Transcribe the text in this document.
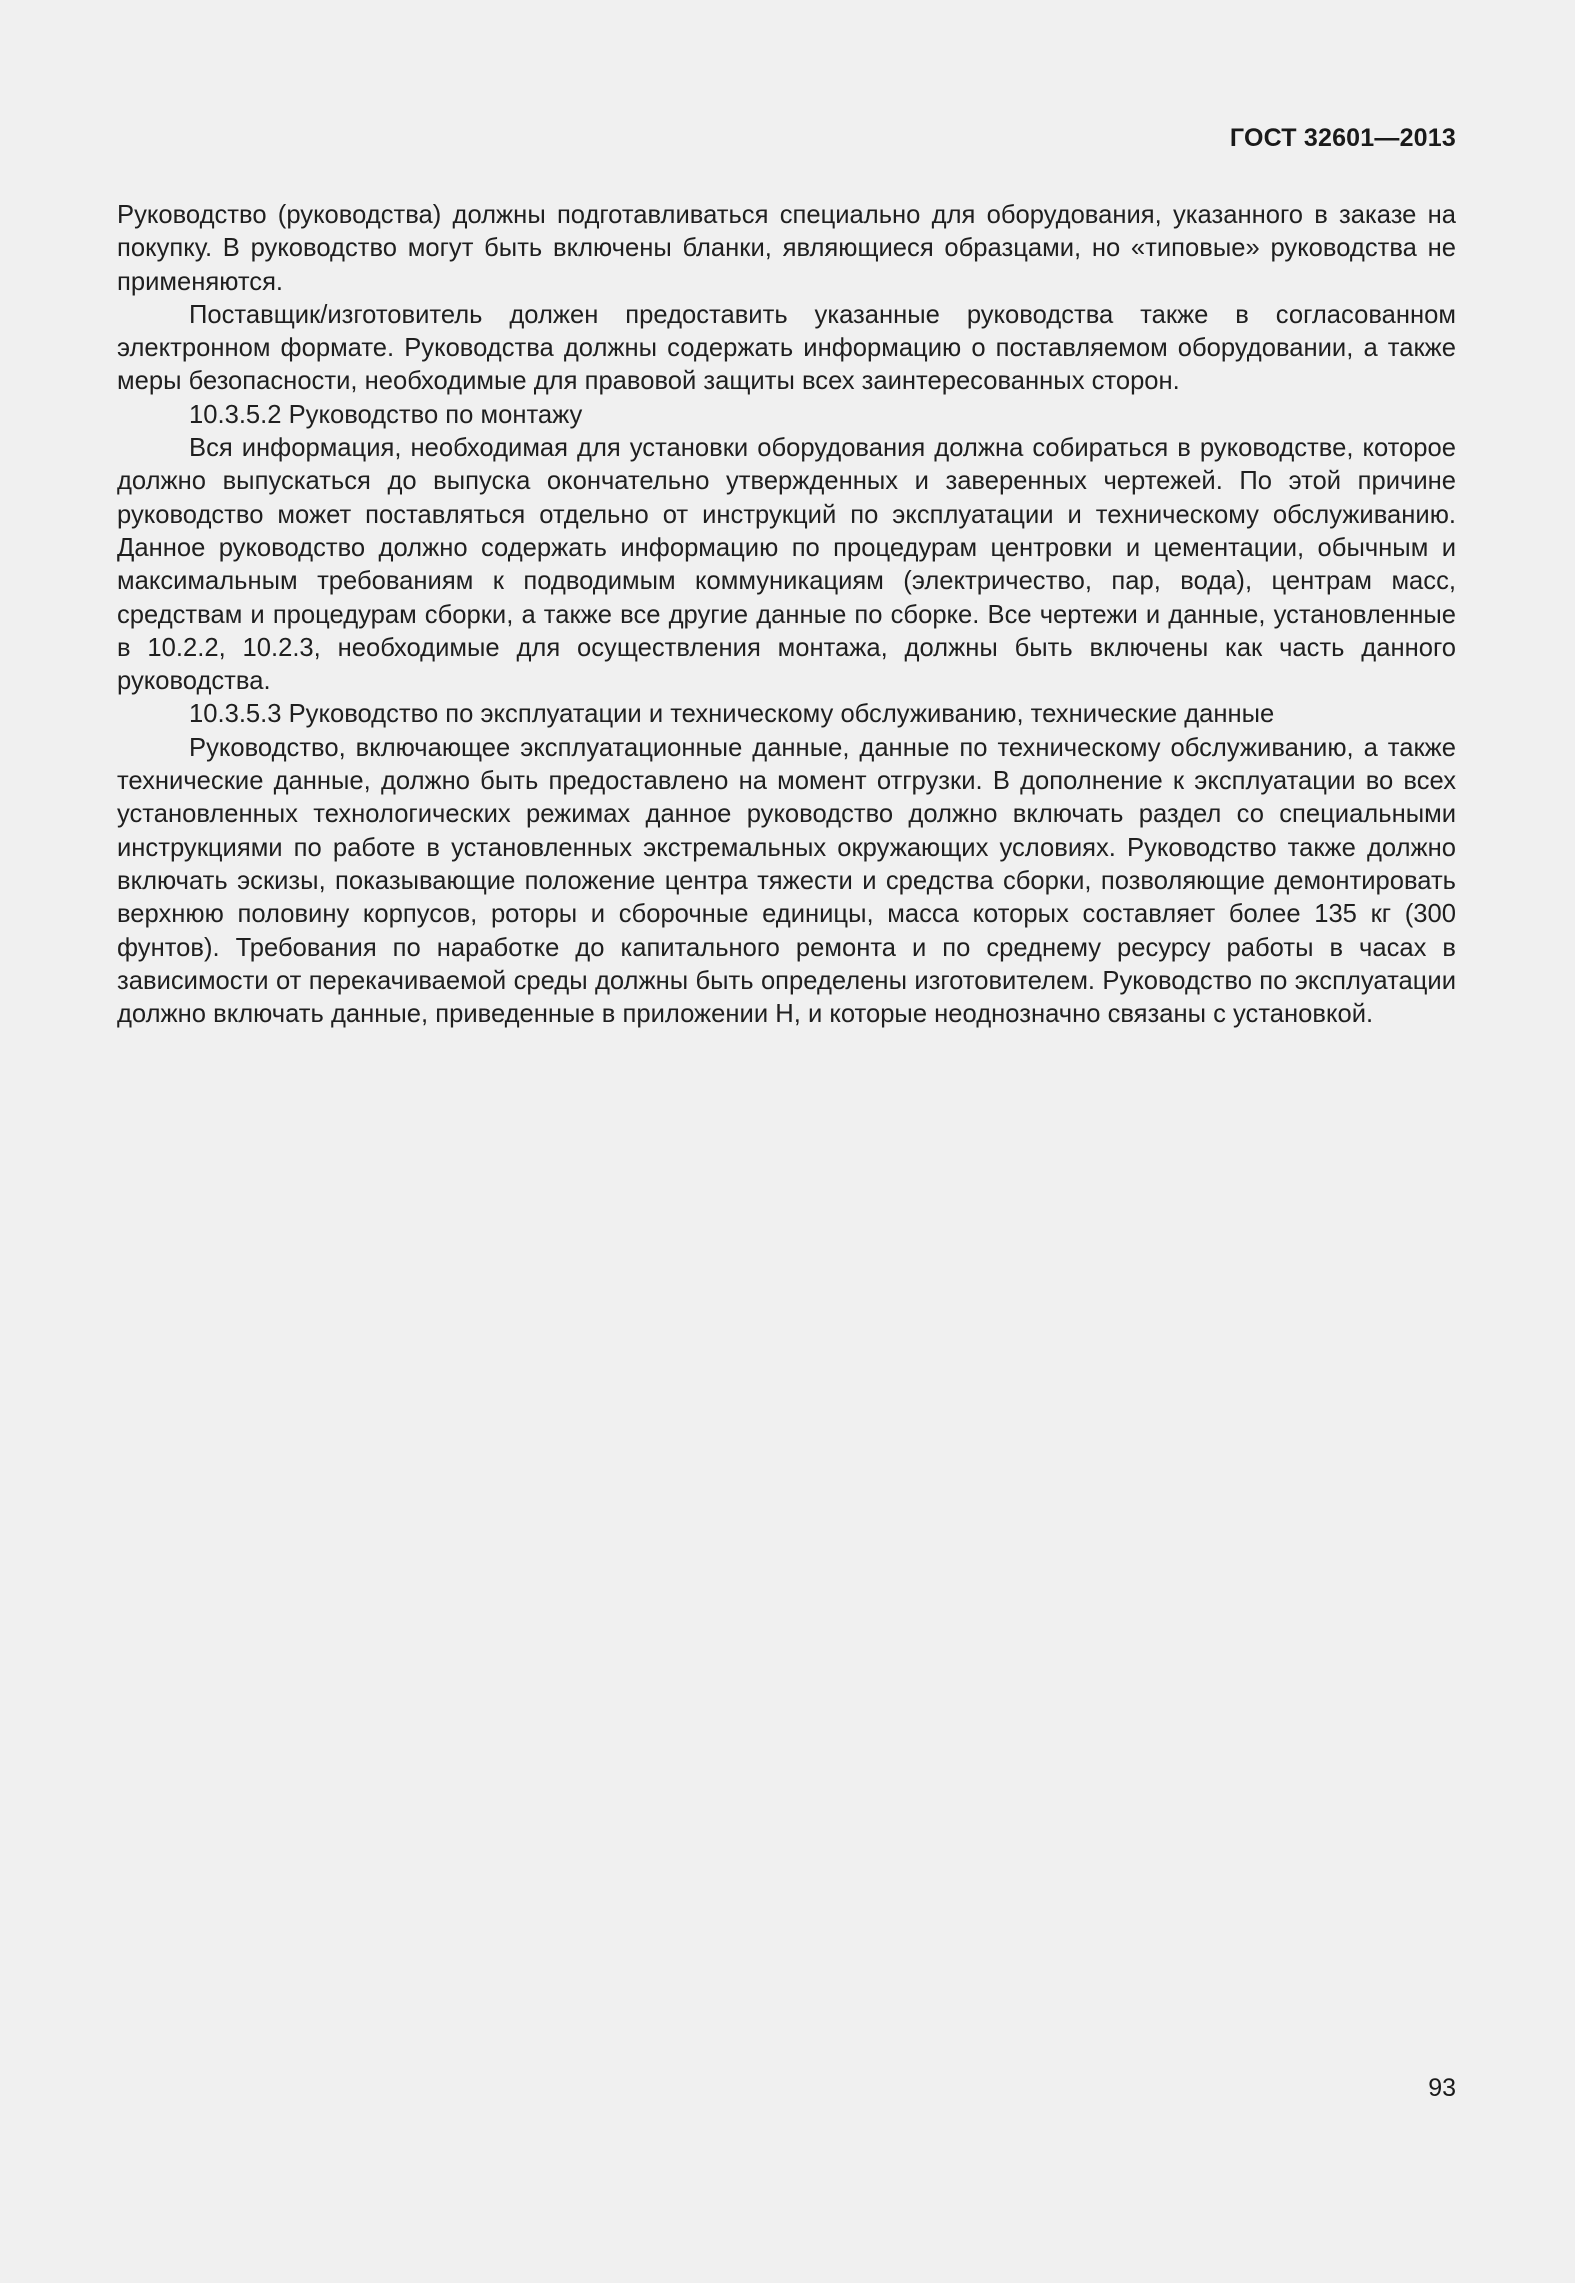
ГОСТ 32601—2013

Руководство (руководства) должны подготавливаться специально для оборудования, указанного в заказе на покупку. В руководство могут быть включены бланки, являющиеся образцами, но «типовые» руководства не применяются.

Поставщик/изготовитель должен предоставить указанные руководства также в согласованном электронном формате. Руководства должны содержать информацию о поставляемом оборудовании, а также меры безопасности, необходимые для правовой защиты всех заинтересованных сторон.

10.3.5.2 Руководство по монтажу

Вся информация, необходимая для установки оборудования должна собираться в руководстве, которое должно выпускаться до выпуска окончательно утвержденных и заверенных чертежей. По этой причине руководство может поставляться отдельно от инструкций по эксплуатации и техническому обслуживанию. Данное руководство должно содержать информацию по процедурам центровки и цементации, обычным и максимальным требованиям к подводимым коммуникациям (электричество, пар, вода), центрам масс, средствам и процедурам сборки, а также все другие данные по сборке. Все чертежи и данные, установленные в 10.2.2, 10.2.3, необходимые для осуществления монтажа, должны быть включены как часть данного руководства.

10.3.5.3 Руководство по эксплуатации и техническому обслуживанию, технические данные

Руководство, включающее эксплуатационные данные, данные по техническому обслуживанию, а также технические данные, должно быть предоставлено на момент отгрузки. В дополнение к эксплуатации во всех установленных технологических режимах данное руководство должно включать раздел со специальными инструкциями по работе в установленных экстремальных окружающих условиях. Руководство также должно включать эскизы, показывающие положение центра тяжести и средства сборки, позволяющие демонтировать верхнюю половину корпусов, роторы и сборочные единицы, масса которых составляет более 135 кг (300 фунтов). Требования по наработке до капитального ремонта и по среднему ресурсу работы в часах в зависимости от перекачиваемой среды должны быть определены изготовителем. Руководство по эксплуатации должно включать данные, приведенные в приложении Н, и которые неоднозначно связаны с установкой.

93
